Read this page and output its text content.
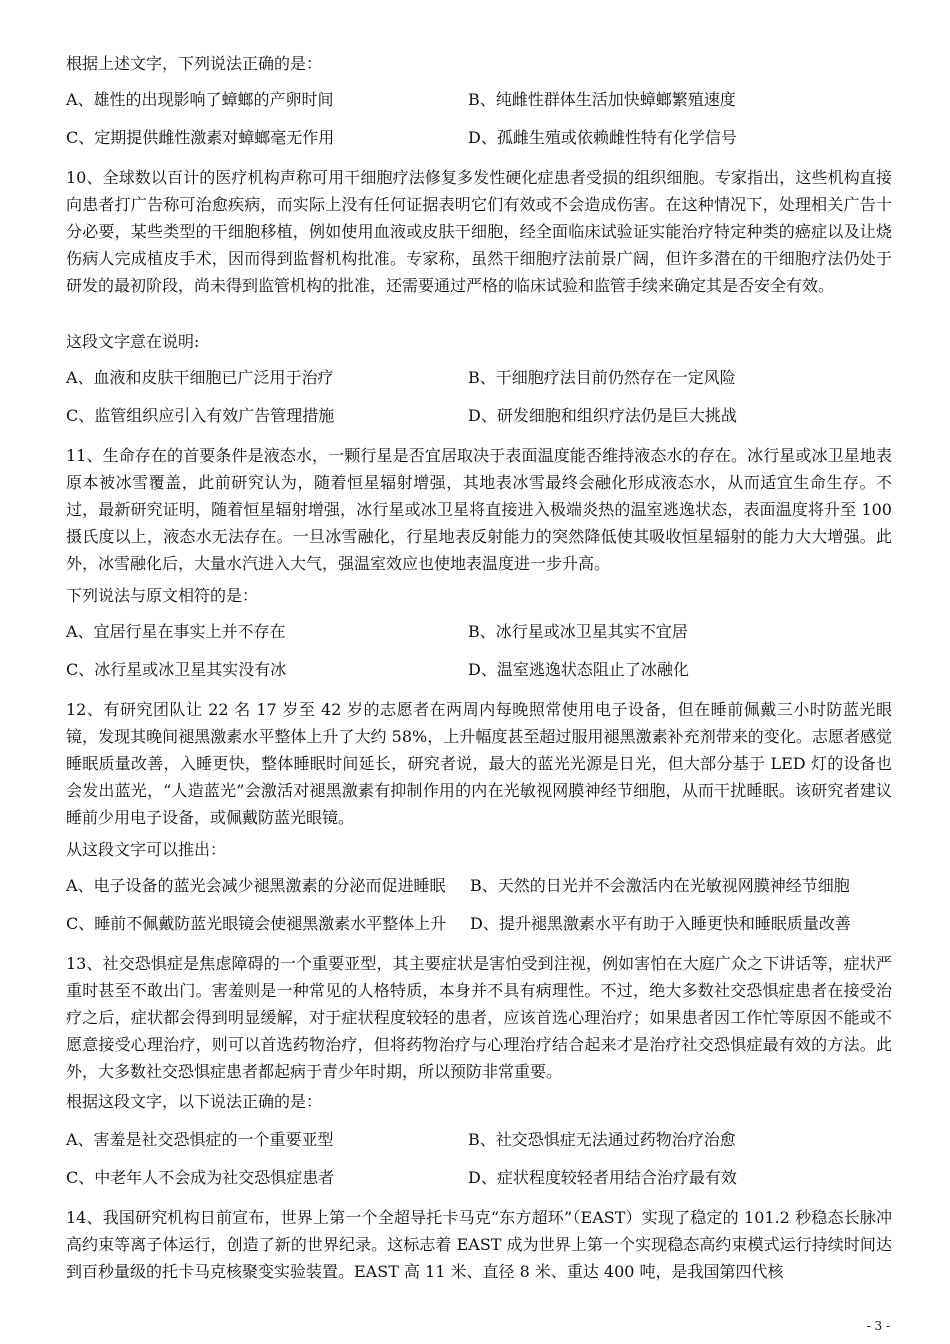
根据上述文字，下列说法正确的是：

A、雄性的出现影响了蟑螂的产卵时间	B、纯雌性群体生活加快蟑螂繁殖速度

C、定期提供雌性激素对蟑螂毫无作用	D、孤雌生殖或依赖雌性特有化学信号

10、全球数以百计的医疗机构声称可用干细胞疗法修复多发性硬化症患者受损的组织细胞。专家指出，这些机构直接向患者打广告称可治愈疾病，而实际上没有任何证据表明它们有效或不会造成伤害。在这种情况下，处理相关广告十分必要，某些类型的干细胞移植，例如使用血液或皮肤干细胞，经全面临床试验证实能治疗特定种类的癌症以及让烧伤病人完成植皮手术，因而得到监督机构批准。专家称，虽然干细胞疗法前景广阔，但许多潜在的干细胞疗法仍处于研发的最初阶段，尚未得到监管机构的批准，还需要通过严格的临床试验和监管手续来确定其是否安全有效。

这段文字意在说明:

A、血液和皮肤干细胞已广泛用于治疗	B、干细胞疗法目前仍然存在一定风险

C、监管组织应引入有效广告管理措施	D、研发细胞和组织疗法仍是巨大挑战

11、生命存在的首要条件是液态水，一颗行星是否宜居取决于表面温度能否维持液态水的存在。冰行星或冰卫星地表原本被冰雪覆盖，此前研究认为，随着恒星辐射增强，其地表冰雪最终会融化形成液态水，从而适宜生命生存。不过，最新研究证明，随着恒星辐射增强，冰行星或冰卫星将直接进入极端炎热的温室逃逸状态，表面温度将升至 100 摄氏度以上，液态水无法存在。一旦冰雪融化，行星地表反射能力的突然降低使其吸收恒星辐射的能力大大增强。此外，冰雪融化后，大量水汽进入大气，强温室效应也使地表温度进一步升高。

下列说法与原文相符的是：

A、宜居行星在事实上并不存在	B、冰行星或冰卫星其实不宜居

C、冰行星或冰卫星其实没有冰	D、温室逃逸状态阻止了冰融化

12、有研究团队让 22 名 17 岁至 42 岁的志愿者在两周内每晚照常使用电子设备，但在睡前佩戴三小时防蓝光眼镜，发现其晚间褪黑激素水平整体上升了大约 58%，上升幅度甚至超过服用褪黑激素补充剂带来的变化。志愿者感觉睡眠质量改善，入睡更快，整体睡眠时间延长，研究者说，最大的蓝光光源是日光，但大部分基于 LED 灯的设备也会发出蓝光，“人造蓝光”会激活对褪黑激素有抑制作用的内在光敏视网膜神经节细胞，从而干扰睡眠。该研究者建议睡前少用电子设备，或佩戴防蓝光眼镜。

从这段文字可以推出：

A、电子设备的蓝光会减少褪黑激素的分泌而促进睡眠 B、天然的日光并不会激活内在光敏视网膜神经节细胞

C、睡前不佩戴防蓝光眼镜会使褪黑激素水平整体上升 D、提升褪黑激素水平有助于入睡更快和睡眠质量改善

13、社交恐惧症是焦虑障碍的一个重要亚型，其主要症状是害怕受到注视，例如害怕在大庭广众之下讲话等，症状严重时甚至不敢出门。害羞则是一种常见的人格特质，本身并不具有病理性。不过，绝大多数社交恐惧症患者在接受治疗之后，症状都会得到明显缓解，对于症状程度较轻的患者，应该首选心理治疗；如果患者因工作忙等原因不能或不愿意接受心理治疗，则可以首选药物治疗，但将药物治疗与心理治疗结合起来才是治疗社交恐惧症最有效的方法。此外，大多数社交恐惧症患者都起病于青少年时期，所以预防非常重要。

根据这段文字，以下说法正确的是：

A、害羞是社交恐惧症的一个重要亚型	B、社交恐惧症无法通过药物治疗治愈

C、中老年人不会成为社交恐惧症患者	D、症状程度较轻者用结合治疗最有效

14、我国研究机构日前宣布，世界上第一个全超导托卡马克“东方超环”（EAST）实现了稳定的 101.2 秒稳态长脉冲高约束等离子体运行，创造了新的世界纪录。这标志着 EAST 成为世界上第一个实现稳态高约束模式运行持续时间达到百秒量级的托卡马克核聚变实验装置。EAST 高 11 米、直径 8 米、重达 400 吨，是我国第四代核

- 3 -
